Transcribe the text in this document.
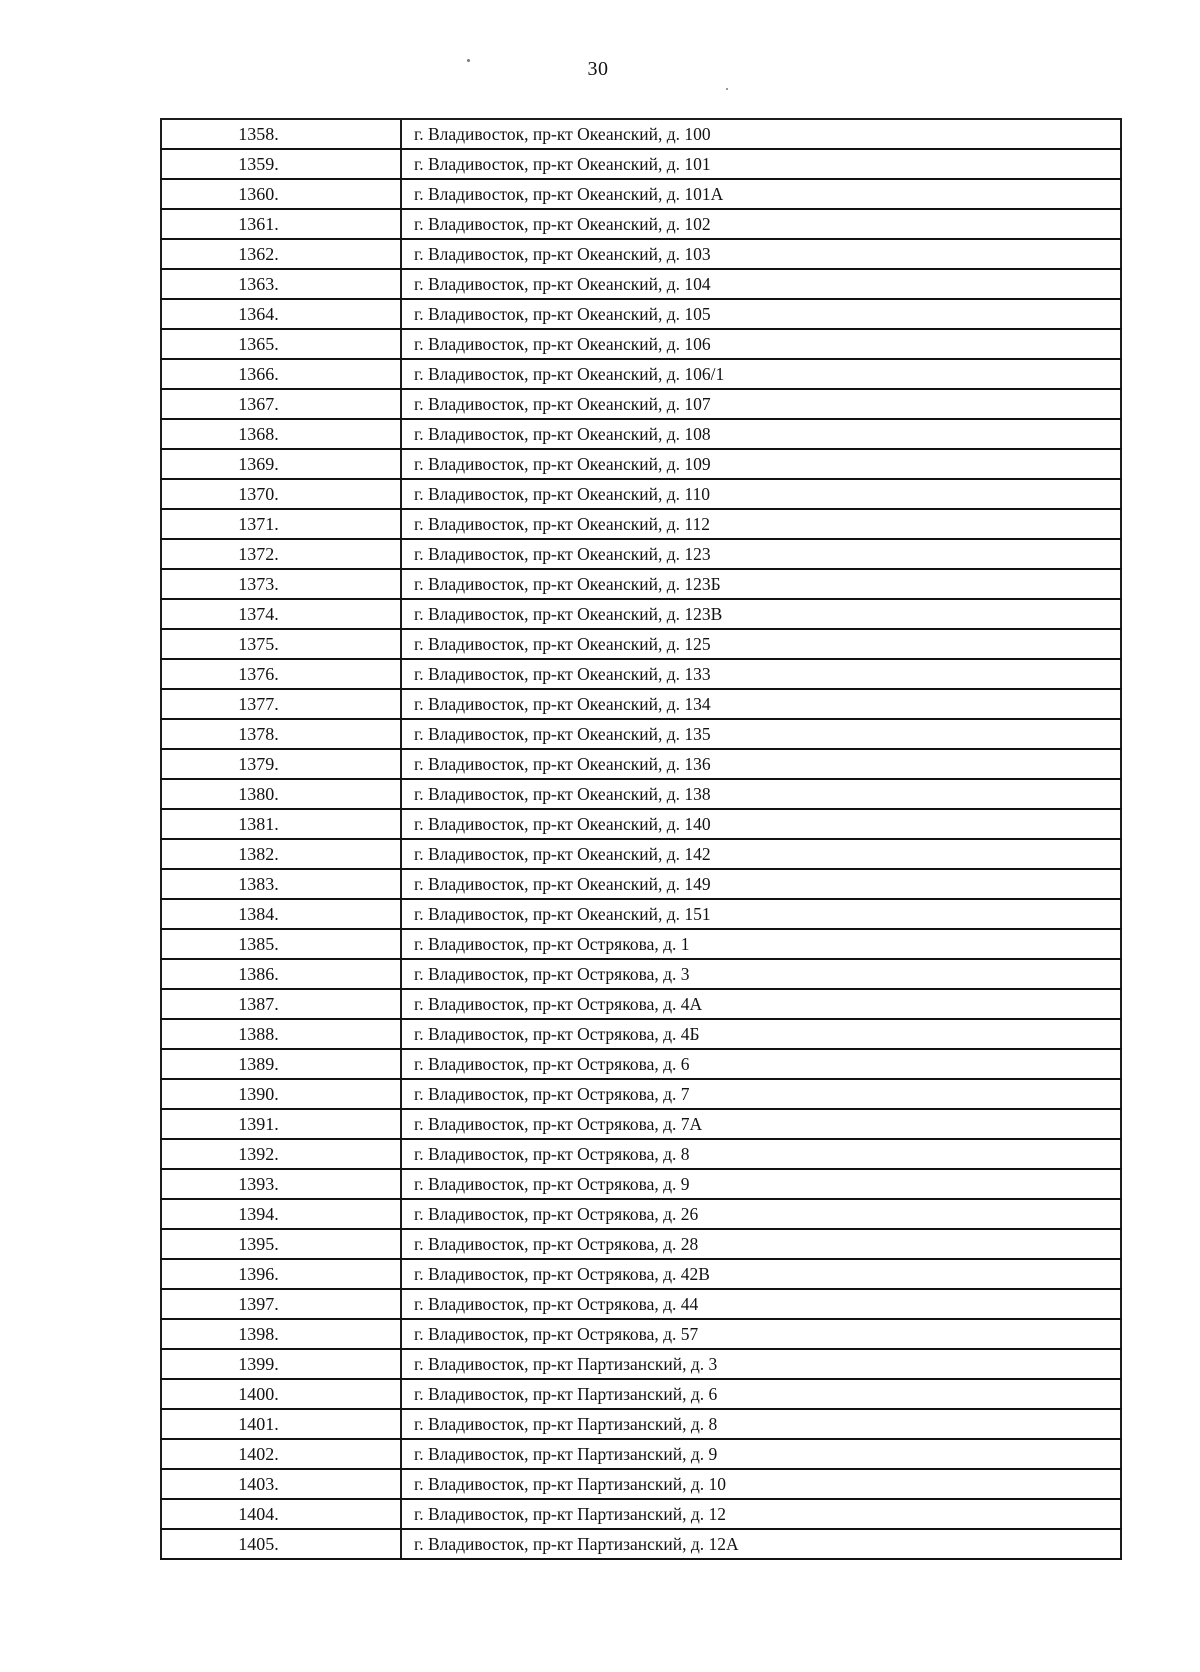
30
1358.	г. Владивосток, пр-кт Океанский, д. 100
1359.	г. Владивосток, пр-кт Океанский, д. 101
1360.	г. Владивосток, пр-кт Океанский, д. 101А
1361.	г. Владивосток, пр-кт Океанский, д. 102
1362.	г. Владивосток, пр-кт Океанский, д. 103
1363.	г. Владивосток, пр-кт Океанский, д. 104
1364.	г. Владивосток, пр-кт Океанский, д. 105
1365.	г. Владивосток, пр-кт Океанский, д. 106
1366.	г. Владивосток, пр-кт Океанский, д. 106/1
1367.	г. Владивосток, пр-кт Океанский, д. 107
1368.	г. Владивосток, пр-кт Океанский, д. 108
1369.	г. Владивосток, пр-кт Океанский, д. 109
1370.	г. Владивосток, пр-кт Океанский, д. 110
1371.	г. Владивосток, пр-кт Океанский, д. 112
1372.	г. Владивосток, пр-кт Океанский, д. 123
1373.	г. Владивосток, пр-кт Океанский, д. 123Б
1374.	г. Владивосток, пр-кт Океанский, д. 123В
1375.	г. Владивосток, пр-кт Океанский, д. 125
1376.	г. Владивосток, пр-кт Океанский, д. 133
1377.	г. Владивосток, пр-кт Океанский, д. 134
1378.	г. Владивосток, пр-кт Океанский, д. 135
1379.	г. Владивосток, пр-кт Океанский, д. 136
1380.	г. Владивосток, пр-кт Океанский, д. 138
1381.	г. Владивосток, пр-кт Океанский, д. 140
1382.	г. Владивосток, пр-кт Океанский, д. 142
1383.	г. Владивосток, пр-кт Океанский, д. 149
1384.	г. Владивосток, пр-кт Океанский, д. 151
1385.	г. Владивосток, пр-кт Острякова, д. 1
1386.	г. Владивосток, пр-кт Острякова, д. 3
1387.	г. Владивосток, пр-кт Острякова, д. 4А
1388.	г. Владивосток, пр-кт Острякова, д. 4Б
1389.	г. Владивосток, пр-кт Острякова, д. 6
1390.	г. Владивосток, пр-кт Острякова, д. 7
1391.	г. Владивосток, пр-кт Острякова, д. 7А
1392.	г. Владивосток, пр-кт Острякова, д. 8
1393.	г. Владивосток, пр-кт Острякова, д. 9
1394.	г. Владивосток, пр-кт Острякова, д. 26
1395.	г. Владивосток, пр-кт Острякова, д. 28
1396.	г. Владивосток, пр-кт Острякова, д. 42В
1397.	г. Владивосток, пр-кт Острякова, д. 44
1398.	г. Владивосток, пр-кт Острякова, д. 57
1399.	г. Владивосток, пр-кт Партизанский, д. 3
1400.	г. Владивосток, пр-кт Партизанский, д. 6
1401.	г. Владивосток, пр-кт Партизанский, д. 8
1402.	г. Владивосток, пр-кт Партизанский, д. 9
1403.	г. Владивосток, пр-кт Партизанский, д. 10
1404.	г. Владивосток, пр-кт Партизанский, д. 12
1405.	г. Владивосток, пр-кт Партизанский, д. 12А
